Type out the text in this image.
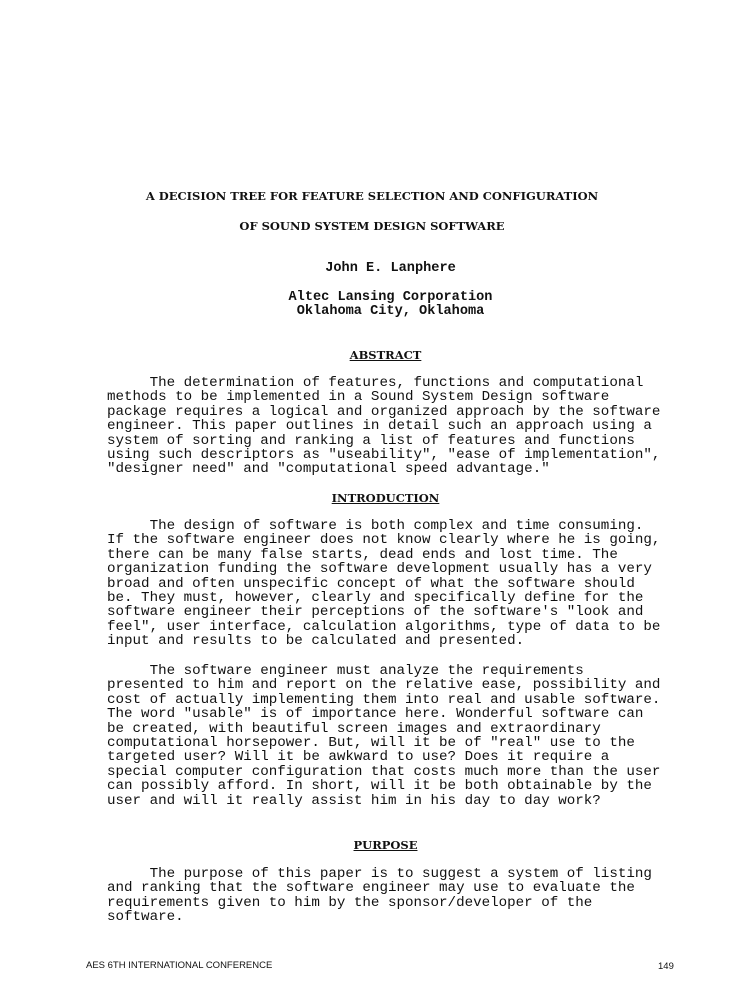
A DECISION TREE FOR FEATURE SELECTION AND CONFIGURATION
OF SOUND SYSTEM DESIGN SOFTWARE
John E. Lanphere
Altec Lansing Corporation
Oklahoma City, Oklahoma
ABSTRACT
The determination of features, functions and computational
methods to be implemented in a Sound System Design software
package requires a logical and organized approach by the software
engineer. This paper outlines in detail such an approach using a
system of sorting and ranking a list of features and functions
using such descriptors as "useability", "ease of implementation",
"designer need" and "computational speed advantage."
INTRODUCTION
The design of software is both complex and time consuming.
If the software engineer does not know clearly where he is going,
there can be many false starts, dead ends and lost time. The
organization funding the software development usually has a very
broad and often unspecific concept of what the software should
be. They must, however, clearly and specifically define for the
software engineer their perceptions of the software's "look and
feel", user interface, calculation algorithms, type of data to be
input and results to be calculated and presented.
The software engineer must analyze the requirements
presented to him and report on the relative ease, possibility and
cost of actually implementing them into real and usable software.
The word "usable" is of importance here. Wonderful software can
be created, with beautiful screen images and extraordinary
computational horsepower. But, will it be of "real" use to the
targeted user? Will it be awkward to use? Does it require a
special computer configuration that costs much more than the user
can possibly afford. In short, will it be both obtainable by the
user and will it really assist him in his day to day work?
PURPOSE
The purpose of this paper is to suggest a system of listing
and ranking that the software engineer may use to evaluate the
requirements given to him by the sponsor/developer of the
software.
AES 6TH INTERNATIONAL CONFERENCE	149
